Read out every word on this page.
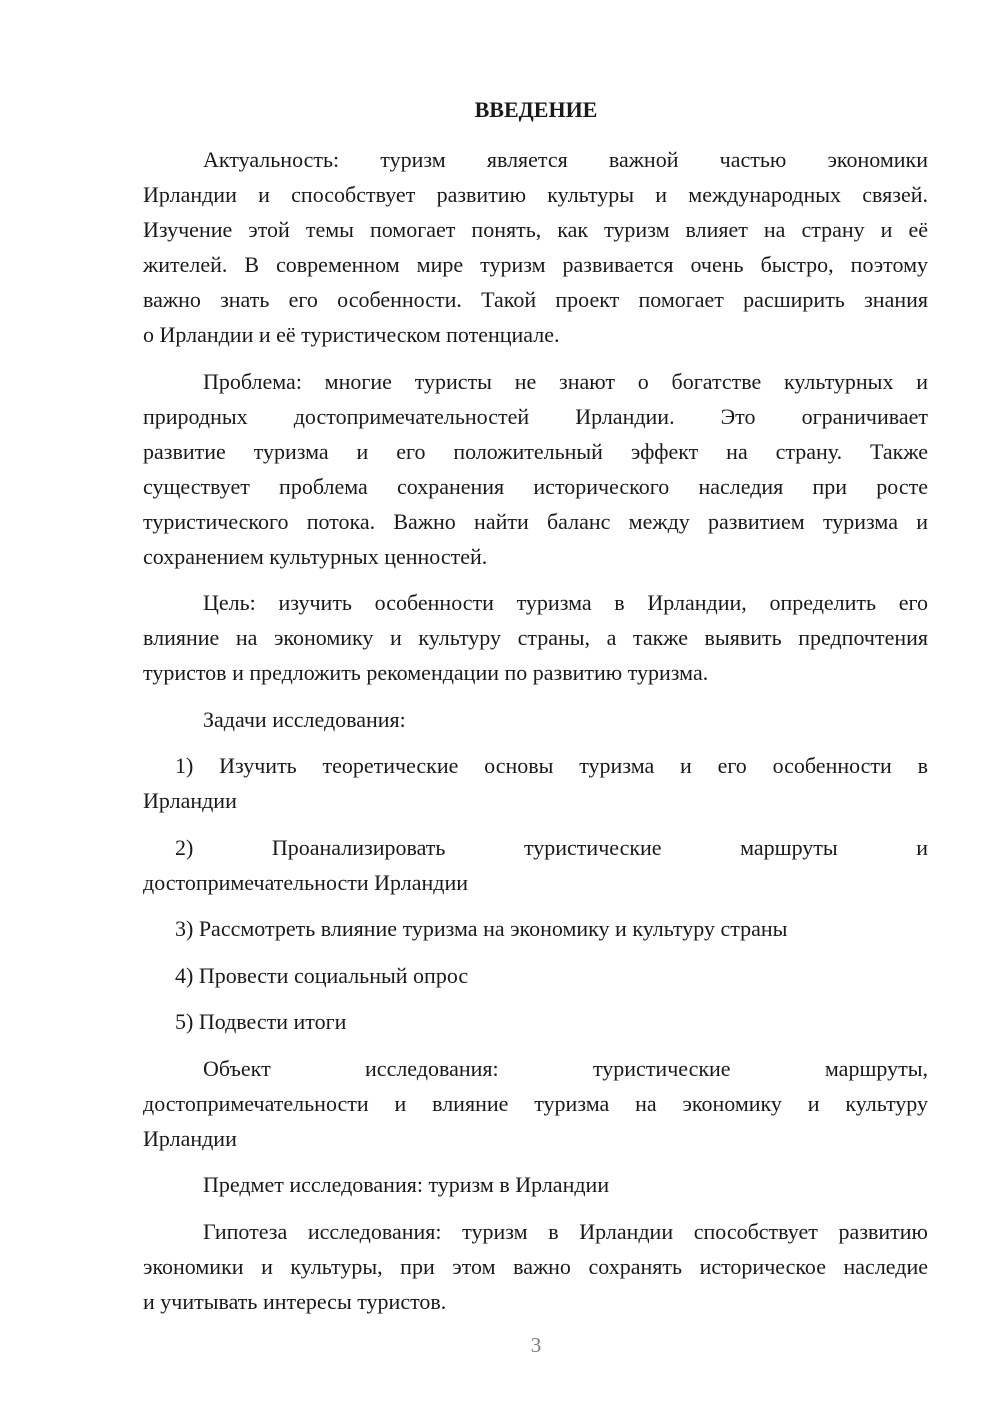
ВВЕДЕНИЕ
Актуальность: туризм является важной частью экономики
Ирландии и способствует развитию культуры и международных связей.
Изучение этой темы помогает понять, как туризм влияет на страну и её
жителей. В современном мире туризм развивается очень быстро, поэтому
важно знать его особенности. Такой проект помогает расширить знания
о Ирландии и её туристическом потенциале.
Проблема: многие туристы не знают о богатстве культурных и
природных достопримечательностей Ирландии. Это ограничивает
развитие туризма и его положительный эффект на страну. Также
существует проблема сохранения исторического наследия при росте
туристического потока. Важно найти баланс между развитием туризма и
сохранением культурных ценностей.
Цель: изучить особенности туризма в Ирландии, определить его
влияние на экономику и культуру страны, а также выявить предпочтения
туристов и предложить рекомендации по развитию туризма.
Задачи исследования:
1) Изучить теоретические основы туризма и его особенности в
Ирландии
2) Проанализировать туристические маршруты и
достопримечательности Ирландии
3) Рассмотреть влияние туризма на экономику и культуру страны
4) Провести социальный опрос
5) Подвести итоги
Объект исследования: туристические маршруты,
достопримечательности и влияние туризма на экономику и культуру
Ирландии
Предмет исследования: туризм в Ирландии
Гипотеза исследования: туризм в Ирландии способствует развитию
экономики и культуры, при этом важно сохранять историческое наследие
и учитывать интересы туристов.
3
